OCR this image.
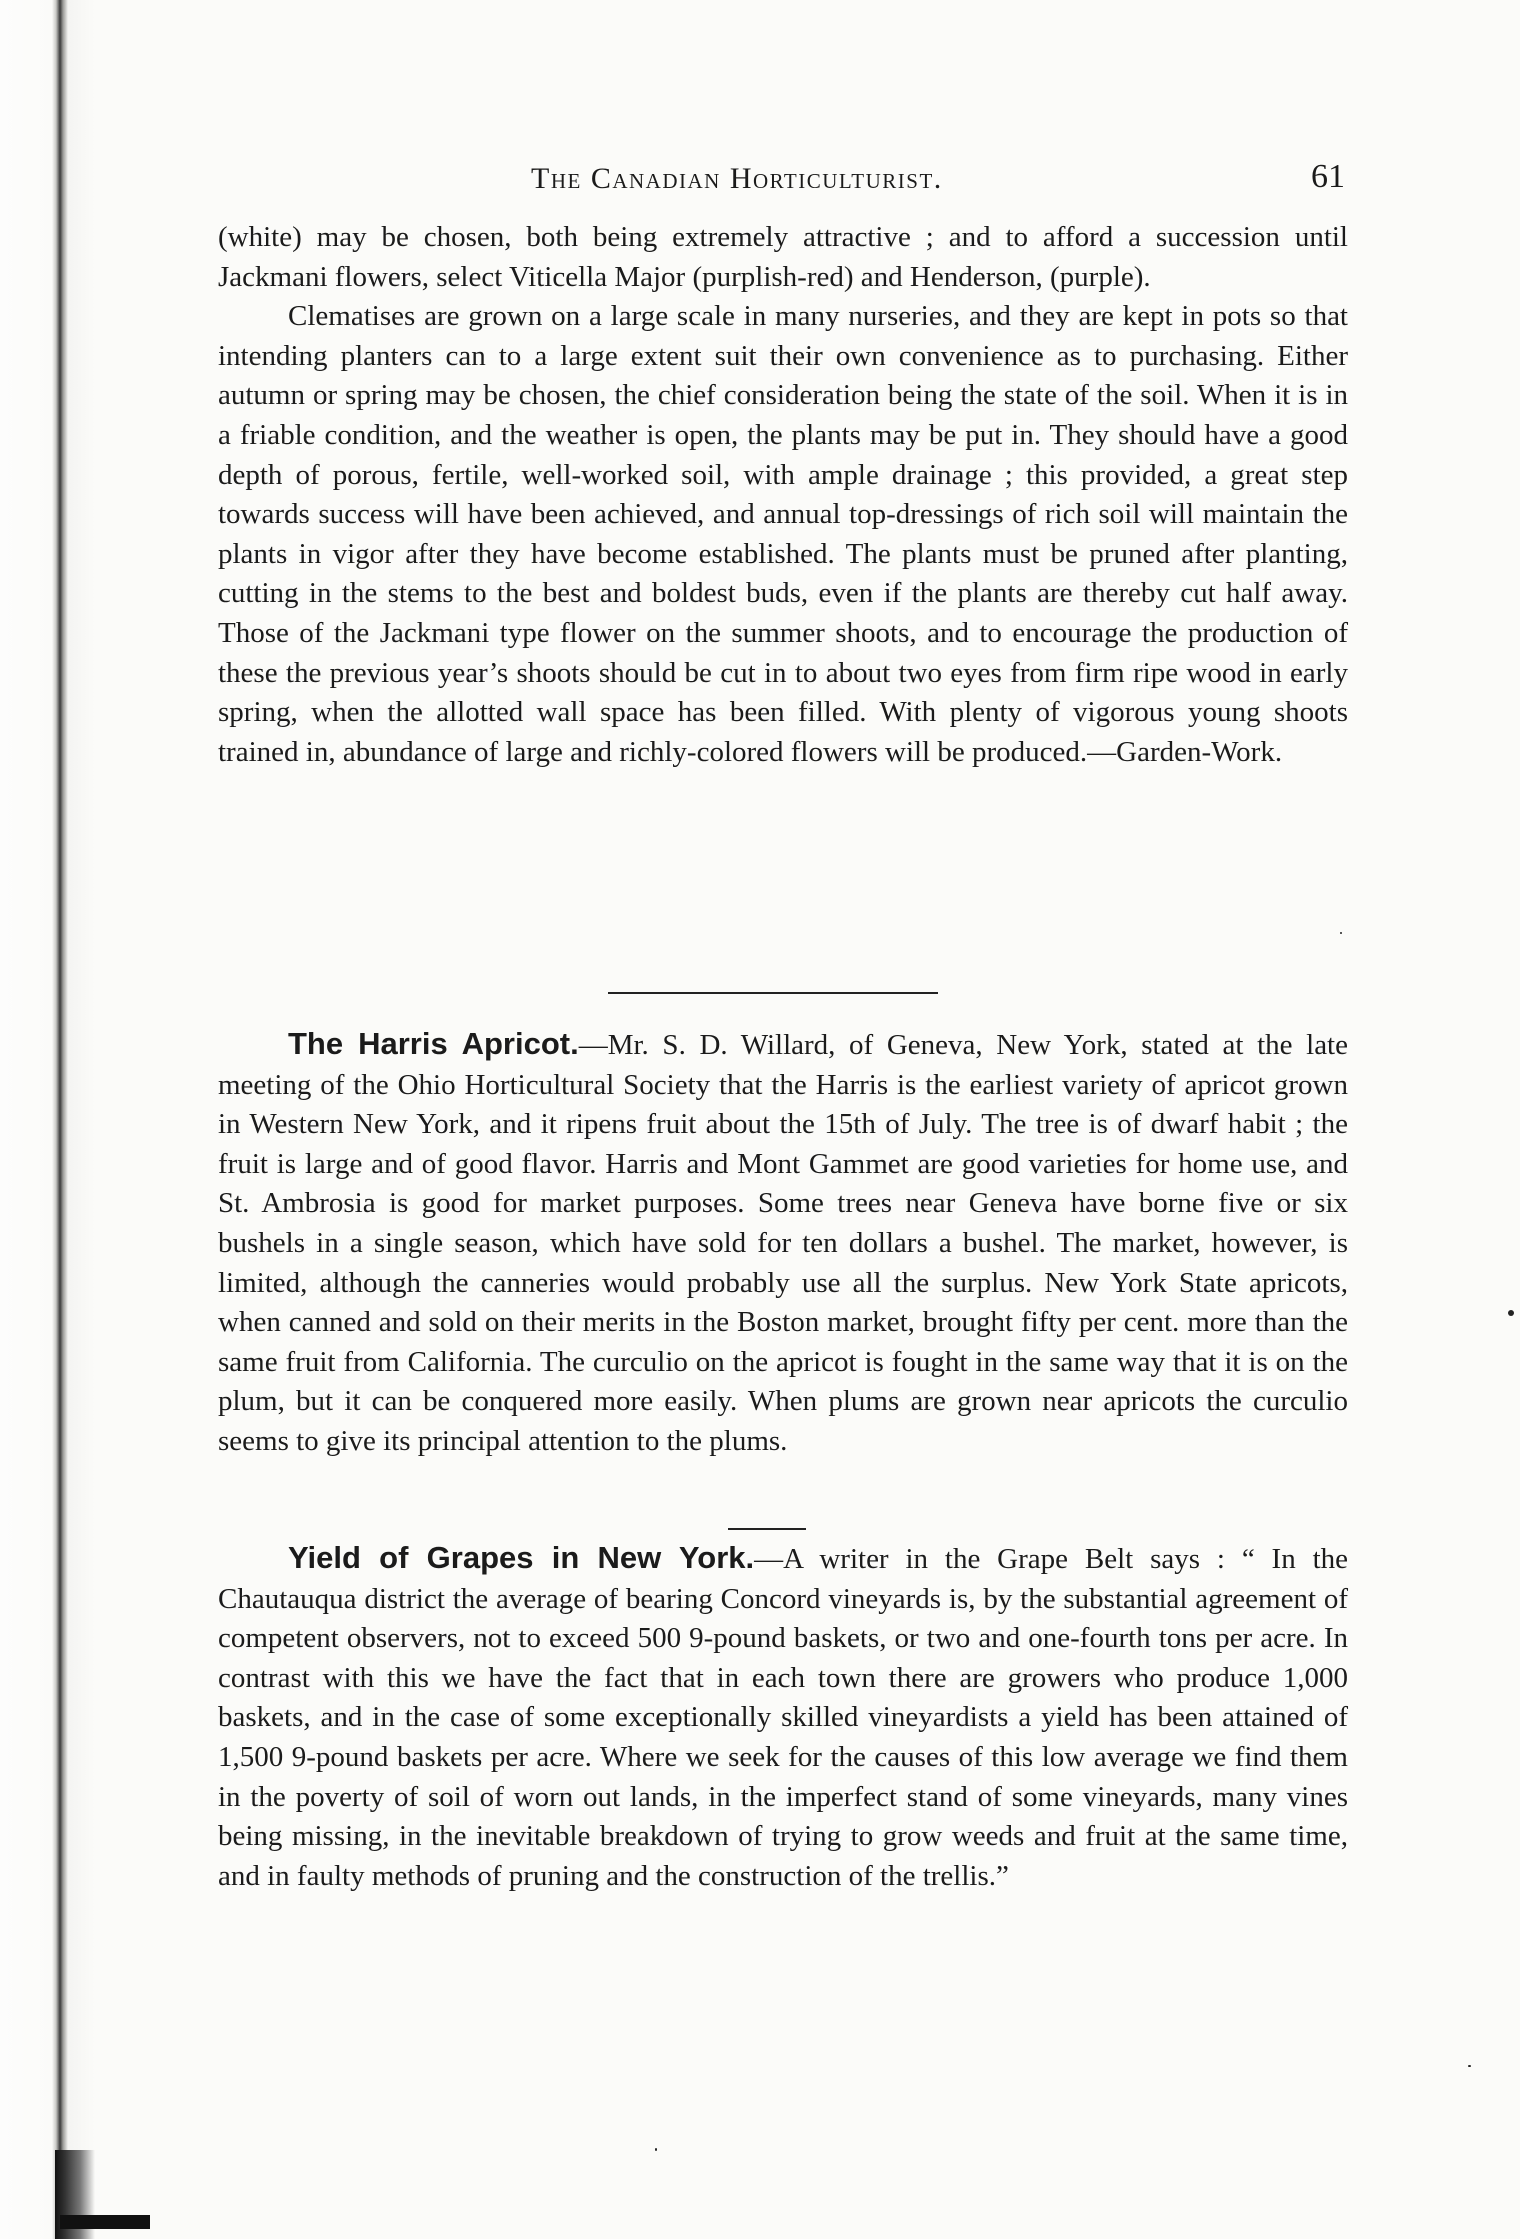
The Canadian Horticulturist.	61

(white) may be chosen, both being extremely attractive ; and to afford a succession until Jackmani flowers, select Viticella Major (purplish-red) and Henderson, (purple).

Clematises are grown on a large scale in many nurseries, and they are kept in pots so that intending planters can to a large extent suit their own convenience as to purchasing. Either autumn or spring may be chosen, the chief consideration being the state of the soil. When it is in a friable condition, and the weather is open, the plants may be put in. They should have a good depth of porous, fertile, well-worked soil, with ample drainage ; this provided, a great step towards success will have been achieved, and annual top-dressings of rich soil will maintain the plants in vigor after they have become established. The plants must be pruned after planting, cutting in the stems to the best and boldest buds, even if the plants are thereby cut half away. Those of the Jackmani type flower on the summer shoots, and to encourage the production of these the previous year’s shoots should be cut in to about two eyes from firm ripe wood in early spring, when the allotted wall space has been filled. With plenty of vigorous young shoots trained in, abundance of large and richly-colored flowers will be produced.—Garden-Work.

The Harris Apricot.—Mr. S. D. Willard, of Geneva, New York, stated at the late meeting of the Ohio Horticultural Society that the Harris is the earliest variety of apricot grown in Western New York, and it ripens fruit about the 15th of July. The tree is of dwarf habit ; the fruit is large and of good flavor. Harris and Mont Gammet are good varieties for home use, and St. Ambrosia is good for market purposes. Some trees near Geneva have borne five or six bushels in a single season, which have sold for ten dollars a bushel. The market, however, is limited, although the canneries would probably use all the surplus. New York State apricots, when canned and sold on their merits in the Boston market, brought fifty per cent. more than the same fruit from California. The curculio on the apricot is fought in the same way that it is on the plum, but it can be conquered more easily. When plums are grown near apricots the curculio seems to give its principal attention to the plums.

Yield of Grapes in New York.—A writer in the Grape Belt says : “ In the Chautauqua district the average of bearing Concord vineyards is, by the substantial agreement of competent observers, not to exceed 500 9-pound baskets, or two and one-fourth tons per acre. In contrast with this we have the fact that in each town there are growers who produce 1,000 baskets, and in the case of some exceptionally skilled vineyardists a yield has been attained of 1,500 9-pound baskets per acre. Where we seek for the causes of this low average we find them in the poverty of soil of worn out lands, in the imperfect stand of some vineyards, many vines being missing, in the inevitable breakdown of trying to grow weeds and fruit at the same time, and in faulty methods of pruning and the construction of the trellis.”
